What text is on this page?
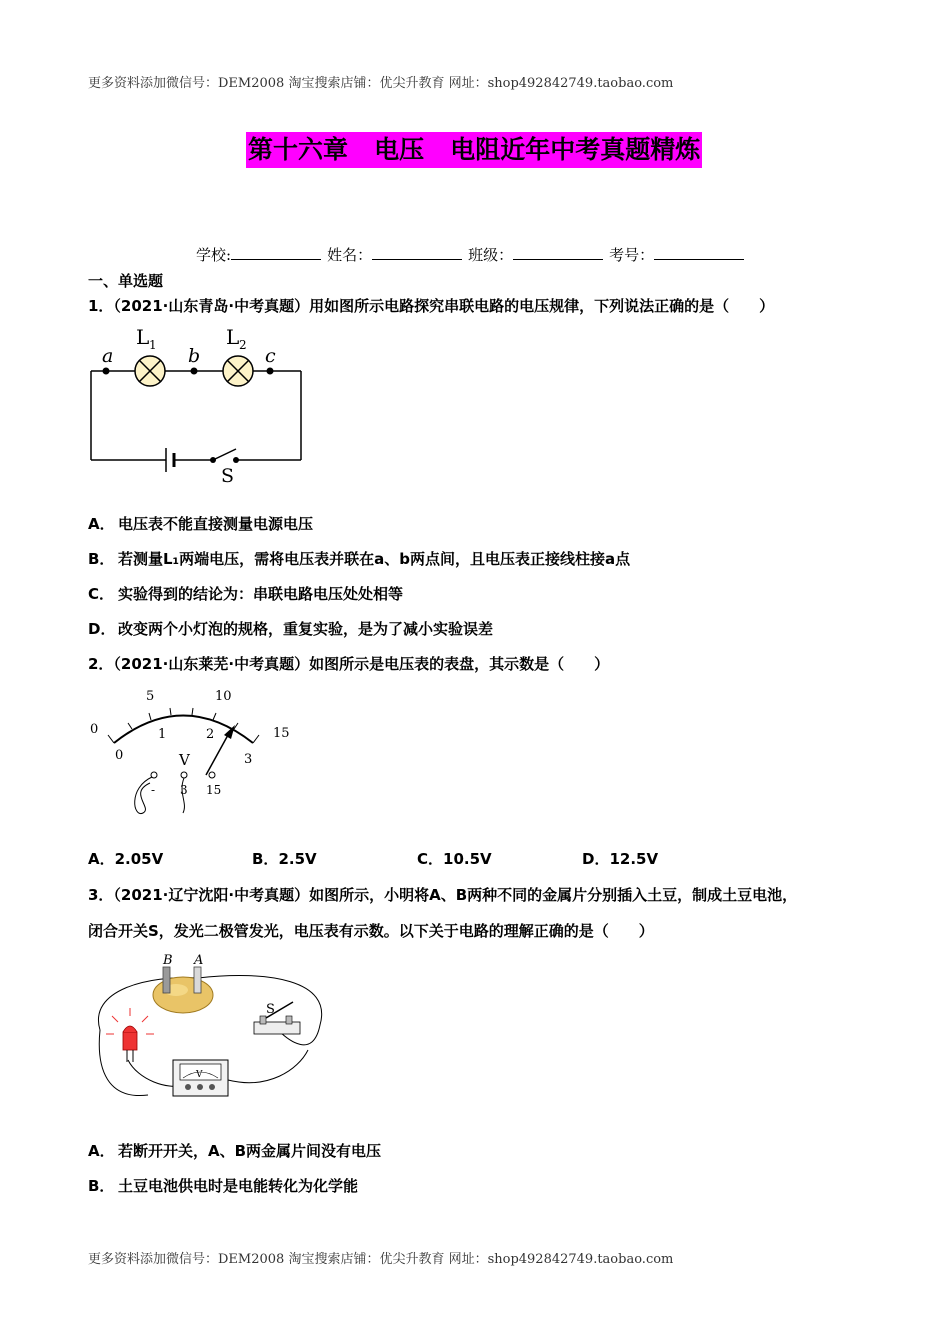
更多资料添加微信号：DEM2008 淘宝搜索店铺：优尖升教育 网址：shop492842749.taobao.com
第十六章   电压   电阻近年中考真题精炼
学校:	姓名：	班级：	考号：
一、单选题
1．（2021·山东青岛·中考真题）用如图所示电路探究串联电路的电压规律，下列说法正确的是（　　）
a	b	c
L 1	L 2
S
A． 电压表不能直接测量电源电压
B． 若测量L₁两端电压，需将电压表并联在a、b两点间，且电压表正接线柱接a点
C． 实验得到的结论为：串联电路电压处处相等
D． 改变两个小灯泡的规格，重复实验，是为了减小实验误差
2．（2021·山东莱芜·中考真题）如图所示是电压表的表盘，其示数是（　　）
0
5	10
15
0
1	2
3
V
- 3 15
A．2.05V	B．2.5V	C．10.5V	D．12.5V
3．（2021·辽宁沈阳·中考真题）如图所示，小明将A、B两种不同的金属片分别插入土豆，制成土豆电池，
闭合开关S，发光二极管发光，电压表有示数。以下关于电路的理解正确的是（　　）
B A
S
V
A． 若断开开关，A、B两金属片间没有电压
B． 土豆电池供电时是电能转化为化学能
更多资料添加微信号：DEM2008 淘宝搜索店铺：优尖升教育 网址：shop492842749.taobao.com
